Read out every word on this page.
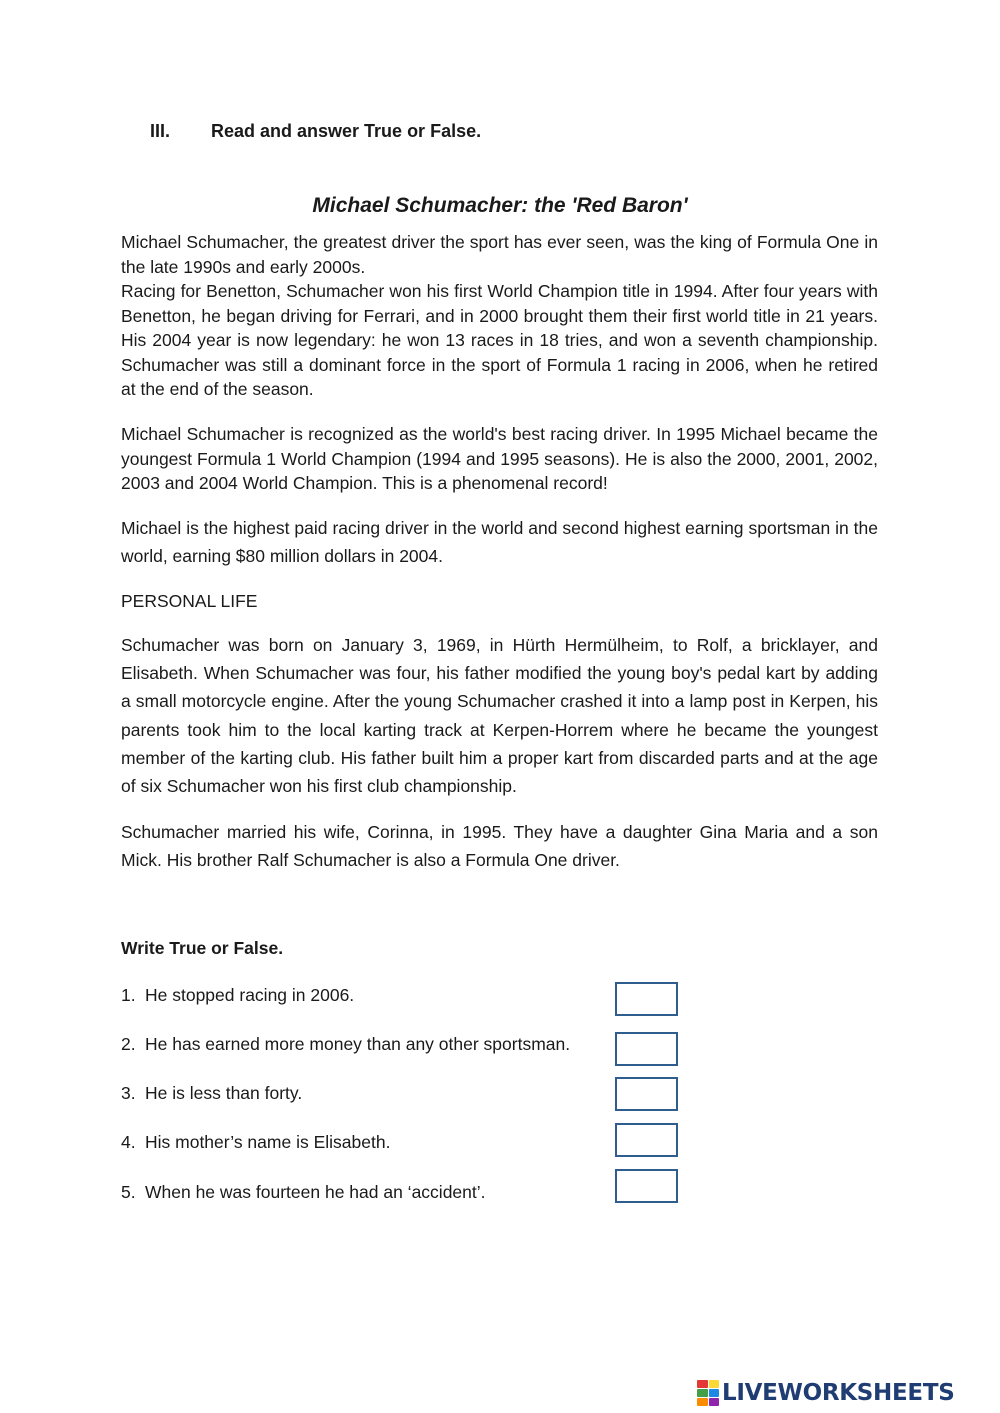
III. Read and answer True or False.
Michael Schumacher: the 'Red Baron'

Michael Schumacher, the greatest driver the sport has ever seen, was the king of Formula One in the late 1990s and early 2000s.

Racing for Benetton, Schumacher won his first World Champion title in 1994. After four years with Benetton, he began driving for Ferrari, and in 2000 brought them their first world title in 21 years. His 2004 year is now legendary: he won 13 races in 18 tries, and won a seventh championship. Schumacher was still a dominant force in the sport of Formula 1 racing in 2006, when he retired at the end of the season.

Michael Schumacher is recognized as the world's best racing driver. In 1995 Michael became the youngest Formula 1 World Champion (1994 and 1995 seasons). He is also the 2000, 2001, 2002, 2003 and 2004 World Champion. This is a phenomenal record!

Michael is the highest paid racing driver in the world and second highest earning sportsman in the world, earning $80 million dollars in 2004.

PERSONAL LIFE

Schumacher was born on January 3, 1969, in Hürth Hermülheim, to Rolf, a bricklayer, and Elisabeth. When Schumacher was four, his father modified the young boy's pedal kart by adding a small motorcycle engine. After the young Schumacher crashed it into a lamp post in Kerpen, his parents took him to the local karting track at Kerpen-Horrem where he became the youngest member of the karting club. His father built him a proper kart from discarded parts and at the age of six Schumacher won his first club championship.

Schumacher married his wife, Corinna, in 1995. They have a daughter Gina Maria and a son Mick. His brother Ralf Schumacher is also a Formula One driver.

Write True or False.
1. He stopped racing in 2006.
2. He has earned more money than any other sportsman.
3. He is less than forty.
4. His mother’s name is Elisabeth.
5. When he was fourteen he had an ‘accident’.
LIVEWORKSHEETS
